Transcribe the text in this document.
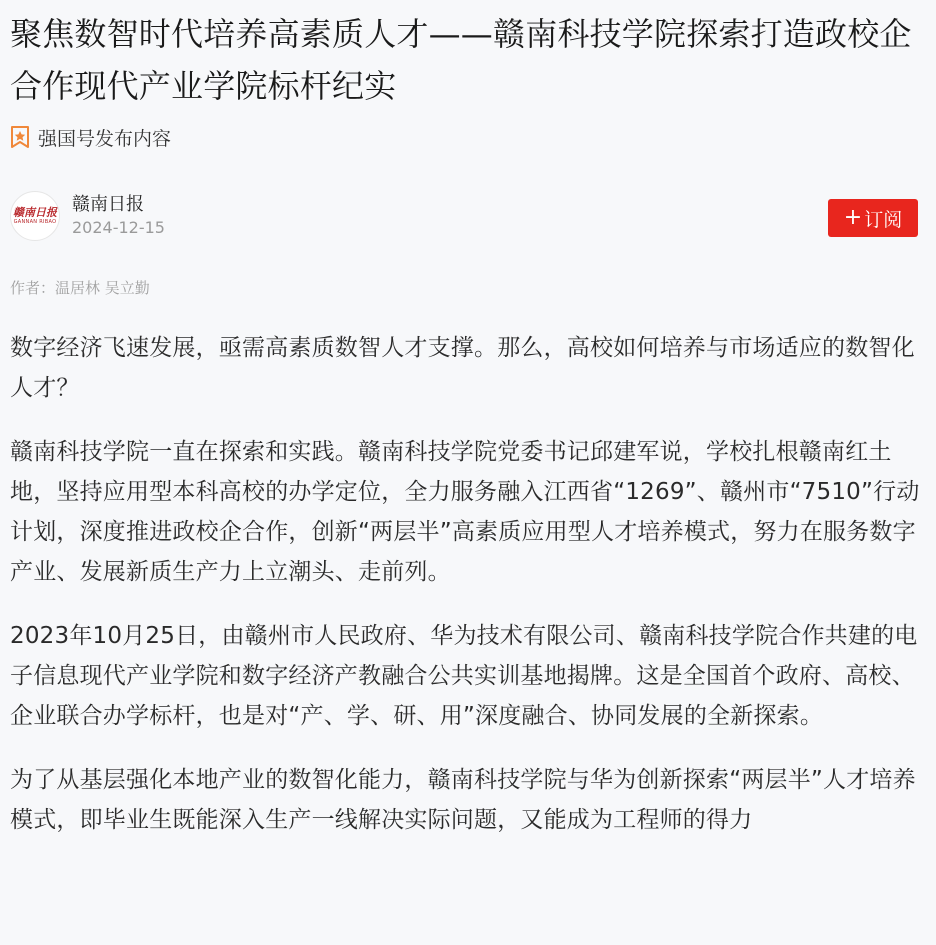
聚焦数智时代培养高素质人才——赣南科技学院探索打造政校企合作现代产业学院标杆纪实
强国号发布内容
赣南日报
GANNAN RIBAO
赣南日报
2024-12-15	+ 订阅
作者：温居林 吴立勤

数字经济飞速发展，亟需高素质数智人才支撑。那么，高校如何培养与市场适应的数智化人才？

赣南科技学院一直在探索和实践。赣南科技学院党委书记邱建军说，学校扎根赣南红土地，坚持应用型本科高校的办学定位，全力服务融入江西省“1269”、赣州市“7510”行动计划，深度推进政校企合作，创新“两层半”高素质应用型人才培养模式，努力在服务数字产业、发展新质生产力上立潮头、走前列。

2023年10月25日，由赣州市人民政府、华为技术有限公司、赣南科技学院合作共建的电子信息现代产业学院和数字经济产教融合公共实训基地揭牌。这是全国首个政府、高校、企业联合办学标杆，也是对“产、学、研、用”深度融合、协同发展的全新探索。

为了从基层强化本地产业的数智化能力，赣南科技学院与华为创新探索“两层半”人才培养模式，即毕业生既能深入生产一线解决实际问题，又能成为工程师的得力
